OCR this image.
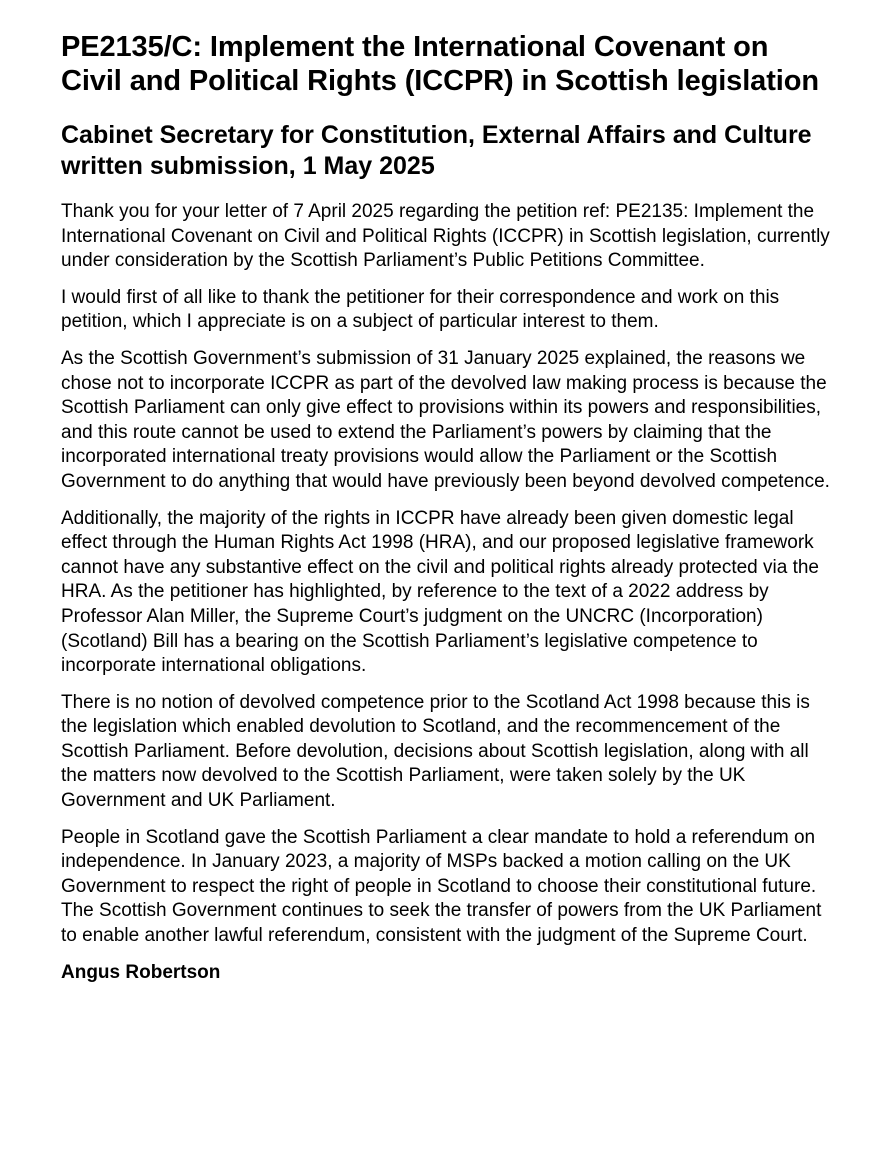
PE2135/C: Implement the International Covenant on Civil and Political Rights (ICCPR) in Scottish legislation
Cabinet Secretary for Constitution, External Affairs and Culture written submission, 1 May 2025

Thank you for your letter of 7 April 2025 regarding the petition ref: PE2135: Implement the International Covenant on Civil and Political Rights (ICCPR) in Scottish legislation, currently under consideration by the Scottish Parliament’s Public Petitions Committee.

I would first of all like to thank the petitioner for their correspondence and work on this petition, which I appreciate is on a subject of particular interest to them.

As the Scottish Government’s submission of 31 January 2025 explained, the reasons we chose not to incorporate ICCPR as part of the devolved law making process is because the Scottish Parliament can only give effect to provisions within its powers and responsibilities, and this route cannot be used to extend the Parliament’s powers by claiming that the incorporated international treaty provisions would allow the Parliament or the Scottish Government to do anything that would have previously been beyond devolved competence.

Additionally, the majority of the rights in ICCPR have already been given domestic legal effect through the Human Rights Act 1998 (HRA), and our proposed legislative framework cannot have any substantive effect on the civil and political rights already protected via the HRA. As the petitioner has highlighted, by reference to the text of a 2022 address by Professor Alan Miller, the Supreme Court’s judgment on the UNCRC (Incorporation) (Scotland) Bill has a bearing on the Scottish Parliament’s legislative competence to incorporate international obligations.

There is no notion of devolved competence prior to the Scotland Act 1998 because this is the legislation which enabled devolution to Scotland, and the recommencement of the Scottish Parliament. Before devolution, decisions about Scottish legislation, along with all the matters now devolved to the Scottish Parliament, were taken solely by the UK Government and UK Parliament.

People in Scotland gave the Scottish Parliament a clear mandate to hold a referendum on independence. In January 2023, a majority of MSPs backed a motion calling on the UK Government to respect the right of people in Scotland to choose their constitutional future. The Scottish Government continues to seek the transfer of powers from the UK Parliament to enable another lawful referendum, consistent with the judgment of the Supreme Court.

Angus Robertson
